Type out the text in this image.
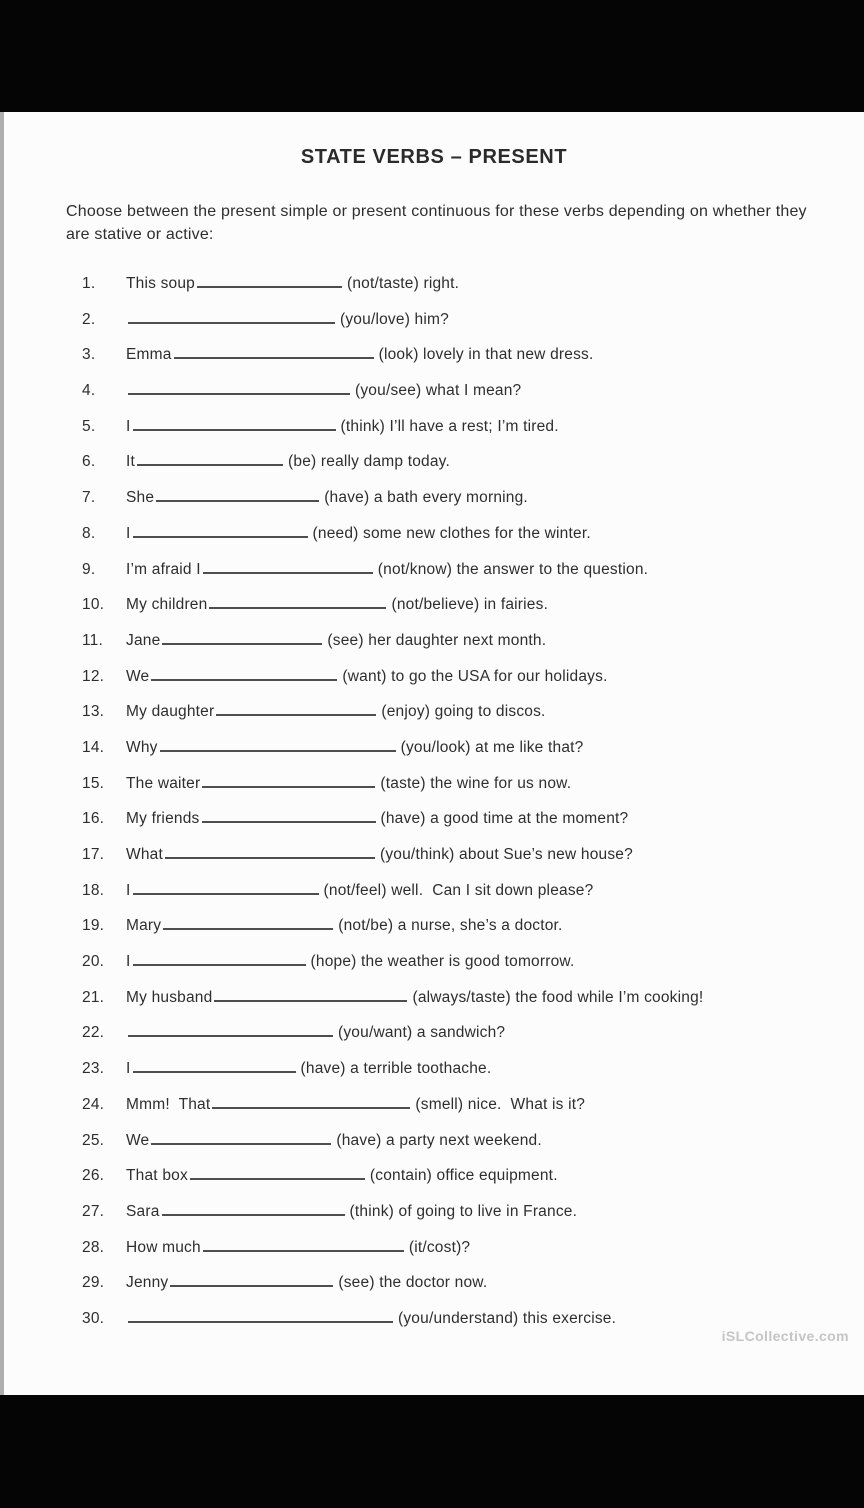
STATE VERBS – PRESENT
Choose between the present simple or present continuous for these verbs depending on whether they
are stative or active:
1.	This soup	(not/taste) right.
2.	(you/love) him?
3.	Emma	(look) lovely in that new dress.
4.	(you/see) what I mean?
5.	I	(think) I’ll have a rest; I’m tired.
6.	It	(be) really damp today.
7.	She	(have) a bath every morning.
8.	I	(need) some new clothes for the winter.
9.	I’m afraid I	(not/know) the answer to the question.
10.	My children	(not/believe) in fairies.
11.	Jane	(see) her daughter next month.
12.	We	(want) to go the USA for our holidays.
13.	My daughter	(enjoy) going to discos.
14.	Why	(you/look) at me like that?
15.	The waiter	(taste) the wine for us now.
16.	My friends	(have) a good time at the moment?
17.	What	(you/think) about Sue’s new house?
18.	I	(not/feel) well.  Can I sit down please?
19.	Mary	(not/be) a nurse, she’s a doctor.
20.	I	(hope) the weather is good tomorrow.
21.	My husband	(always/taste) the food while I’m cooking!
22.	(you/want) a sandwich?
23.	I	(have) a terrible toothache.
24.	Mmm!  That	(smell) nice.  What is it?
25.	We	(have) a party next weekend.
26.	That box	(contain) office equipment.
27.	Sara	(think) of going to live in France.
28.	How much	(it/cost)?
29.	Jenny	(see) the doctor now.
30.	(you/understand) this exercise.
iSLCollective.com
